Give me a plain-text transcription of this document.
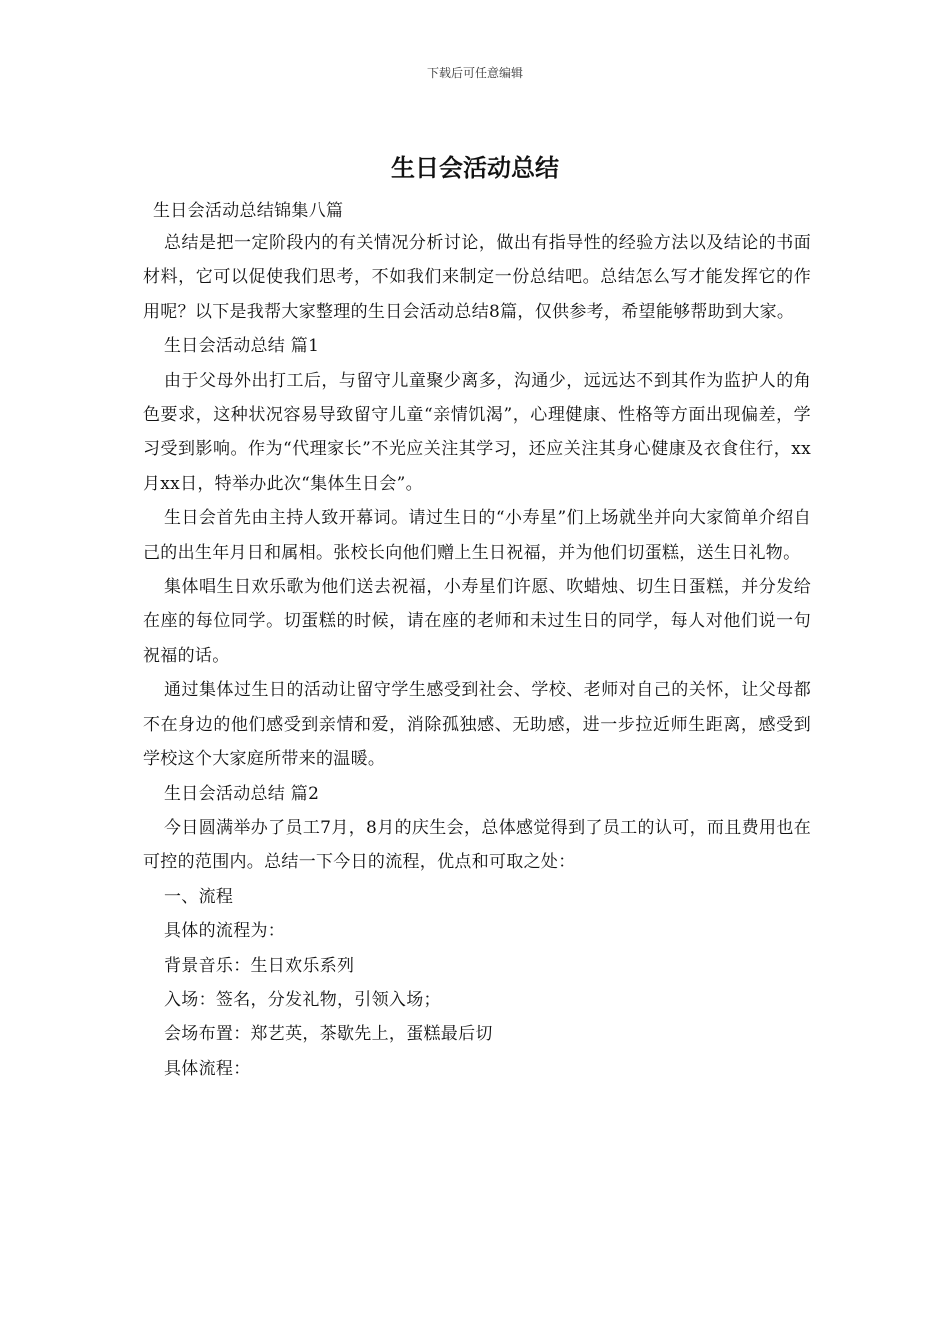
下载后可任意编辑
生日会活动总结

生日会活动总结锦集八篇

总结是把一定阶段内的有关情况分析讨论，做出有指导性的经验方法以及结论的书面材料，它可以促使我们思考，不如我们来制定一份总结吧。总结怎么写才能发挥它的作用呢？以下是我帮大家整理的生日会活动总结8篇，仅供参考，希望能够帮助到大家。

生日会活动总结 篇1

由于父母外出打工后，与留守儿童聚少离多，沟通少，远远达不到其作为监护人的角色要求，这种状况容易导致留守儿童“亲情饥渴”，心理健康、性格等方面出现偏差，学习受到影响。作为“代理家长”不光应关注其学习，还应关注其身心健康及衣食住行，xx月xx日，特举办此次“集体生日会”。

生日会首先由主持人致开幕词。请过生日的“小寿星”们上场就坐并向大家简单介绍自己的出生年月日和属相。张校长向他们赠上生日祝福，并为他们切蛋糕，送生日礼物。

集体唱生日欢乐歌为他们送去祝福，小寿星们许愿、吹蜡烛、切生日蛋糕，并分发给在座的每位同学。切蛋糕的时候，请在座的老师和未过生日的同学，每人对他们说一句祝福的话。

通过集体过生日的活动让留守学生感受到社会、学校、老师对自己的关怀，让父母都不在身边的他们感受到亲情和爱，消除孤独感、无助感，进一步拉近师生距离，感受到学校这个大家庭所带来的温暖。

生日会活动总结 篇2

今日圆满举办了员工7月，8月的庆生会，总体感觉得到了员工的认可，而且费用也在可控的范围内。总结一下今日的流程，优点和可取之处：

一、流程

具体的流程为：

背景音乐：生日欢乐系列

入场：签名，分发礼物，引领入场；

会场布置：郑艺英，茶歇先上，蛋糕最后切

具体流程：
